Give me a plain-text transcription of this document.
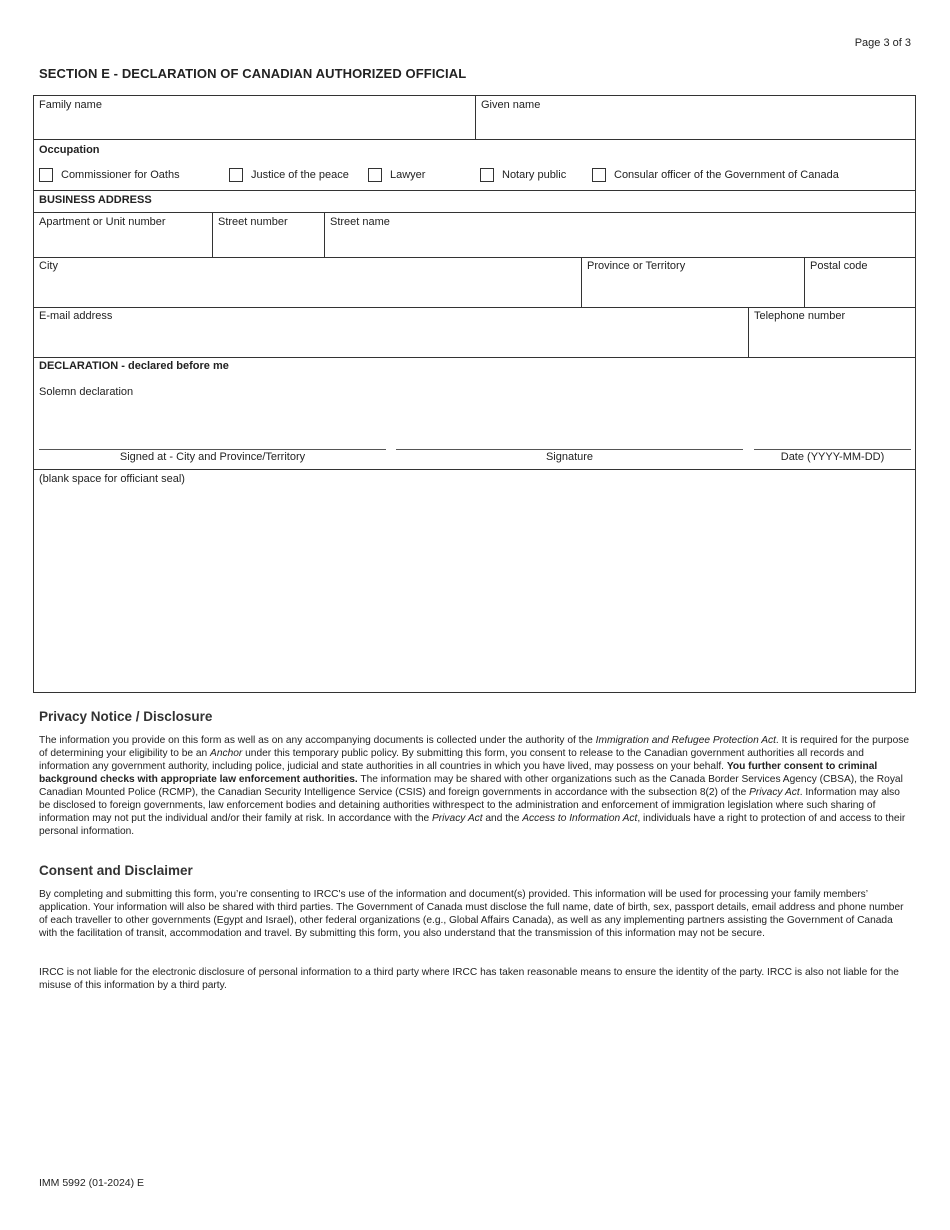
Page 3 of 3
SECTION E - DECLARATION OF CANADIAN AUTHORIZED OFFICIAL
Family name	Given name
Occupation
Commissioner for Oaths	Justice of the peace	Lawyer	Notary public	Consular officer of the Government of Canada
BUSINESS ADDRESS
Apartment or Unit number	Street number	Street name
City	Province or Territory	Postal code
E-mail address	Telephone number
DECLARATION - declared before me
Solemn declaration
Signed at - City and Province/Territory	Signature	Date (YYYY-MM-DD)
(blank space for officiant seal)
Privacy Notice / Disclosure
The information you provide on this form as well as on any accompanying documents is collected under the authority of the Immigration and Refugee Protection Act. It is required for the purpose of determining your eligibility to be an Anchor under this temporary public policy. By submitting this form, you consent to release to the Canadian government authorities all records and information any government authority, including police, judicial and state authorities in all countries in which you have lived, may possess on your behalf. You further consent to criminal background checks with appropriate law enforcement authorities. The information may be shared with other organizations such as the Canada Border Services Agency (CBSA), the Royal Canadian Mounted Police (RCMP), the Canadian Security Intelligence Service (CSIS) and foreign governments in accordance with the subsection 8(2) of the Privacy Act. Information may also be disclosed to foreign governments, law enforcement bodies and detaining authorities withrespect to the administration and enforcement of immigration legislation where such sharing of information may not put the individual and/or their family at risk. In accordance with the Privacy Act and the Access to Information Act, individuals have a right to protection of and access to their personal information.
Consent and Disclaimer
By completing and submitting this form, you’re consenting to IRCC's use of the information and document(s) provided. This information will be used for processing your family members’ application. Your information will also be shared with third parties. The Government of Canada must disclose the full name, date of birth, sex, passport details, email address and phone number of each traveller to other governments (Egypt and Israel), other federal organizations (e.g., Global Affairs Canada), as well as any implementing partners assisting the Government of Canada with the facilitation of transit, accommodation and travel. By submitting this form, you also understand that the transmission of this information may not be secure.
IRCC is not liable for the electronic disclosure of personal information to a third party where IRCC has taken reasonable means to ensure the identity of the party. IRCC is also not liable for the misuse of this information by a third party.
IMM 5992 (01-2024) E
